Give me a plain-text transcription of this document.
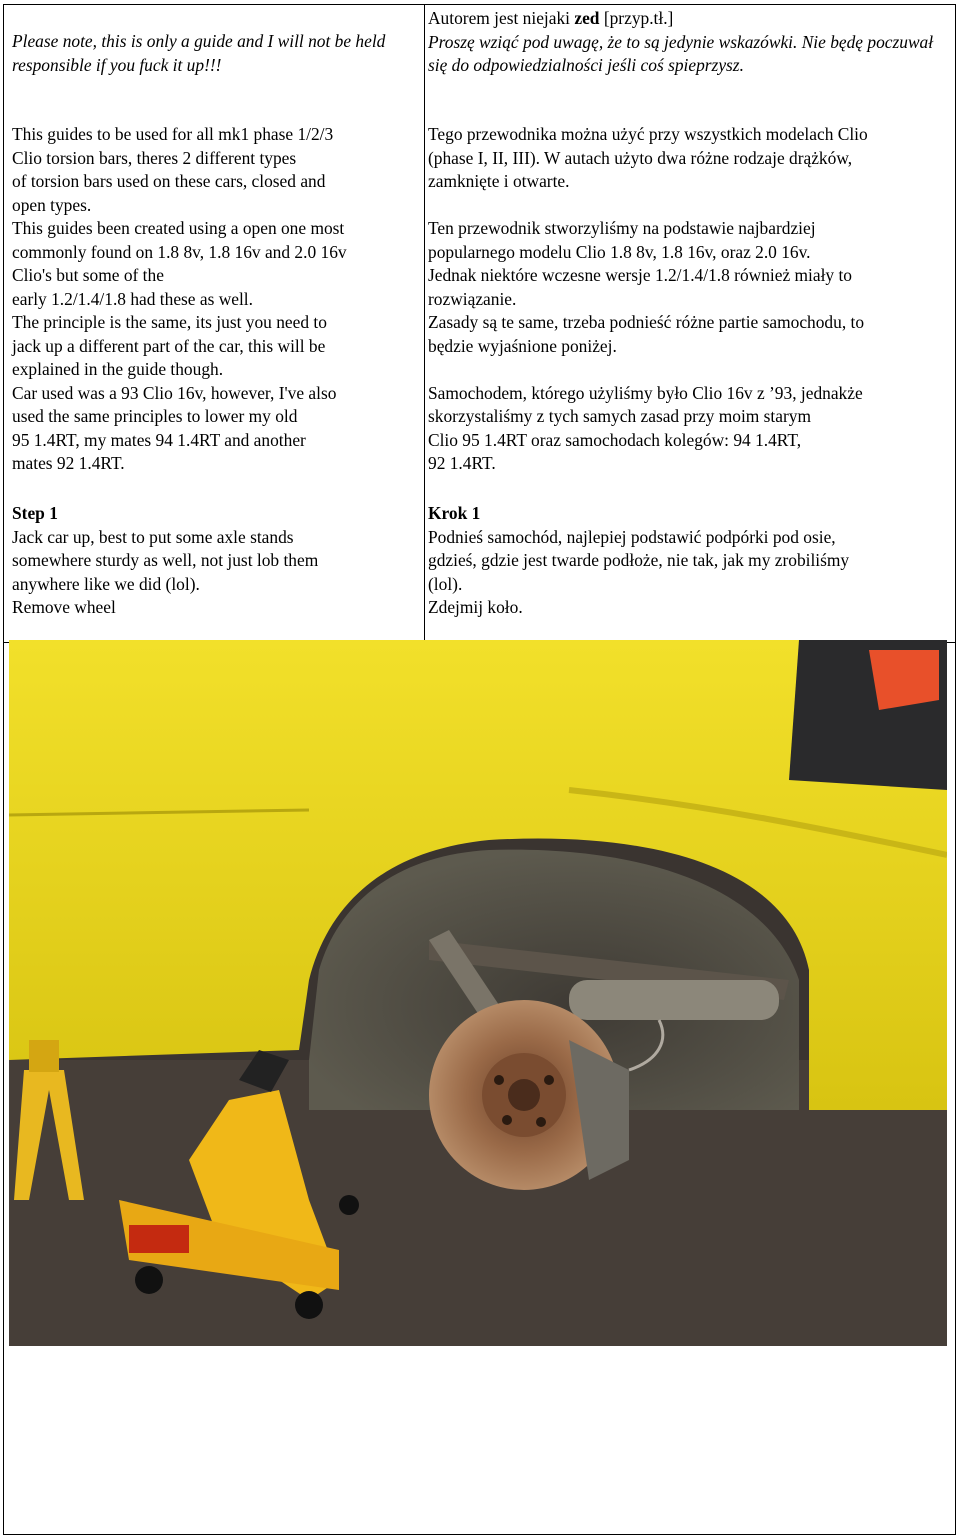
Please note, this is only a guide and I will not be held responsible if you fuck it up!!!

Autorem jest niejaki zed [przyp.tł.]

Proszę wziąć pod uwagę, że to są jedynie wskazówki. Nie będę poczuwał się do odpowiedzialności jeśli coś spieprzysz.

This guides to be used for all mk1 phase 1/2/3

Clio torsion bars, theres 2 different types

of torsion bars used on these cars, closed and

open types.

This guides been created using a open one most

commonly found on 1.8 8v, 1.8 16v and 2.0 16v

Clio's but some of the

early 1.2/1.4/1.8 had these as well.

The principle is the same, its just you need to

jack up a different part of the car, this will be

explained in the guide though.

Car used was a 93 Clio 16v, however, I've also

used the same principles to lower my old

95 1.4RT, my mates 94 1.4RT and another

mates 92 1.4RT.

Tego przewodnika można użyć przy wszystkich modelach Clio

(phase I, II, III). W autach użyto dwa różne rodzaje drążków,

zamknięte i otwarte.

Ten przewodnik stworzyliśmy na podstawie najbardziej

popularnego modelu Clio 1.8 8v, 1.8 16v, oraz 2.0 16v.

Jednak niektóre wczesne wersje 1.2/1.4/1.8 również miały to

rozwiązanie.

Zasady są te same, trzeba podnieść różne partie samochodu, to

będzie wyjaśnione poniżej.

Samochodem, którego użyliśmy było Clio 16v z ’93, jednakże

skorzystaliśmy z tych samych zasad przy moim starym

Clio 95 1.4RT oraz samochodach kolegów: 94 1.4RT,

92 1.4RT.

Step 1

Jack car up, best to put some axle stands

somewhere sturdy as well, not just lob them

anywhere like we did (lol).

Remove wheel

Krok 1

Podnieś samochód, najlepiej podstawić podpórki pod osie,

gdzieś, gdzie jest twarde podłoże, nie tak, jak my zrobiliśmy

(lol).

Zdejmij koło.
